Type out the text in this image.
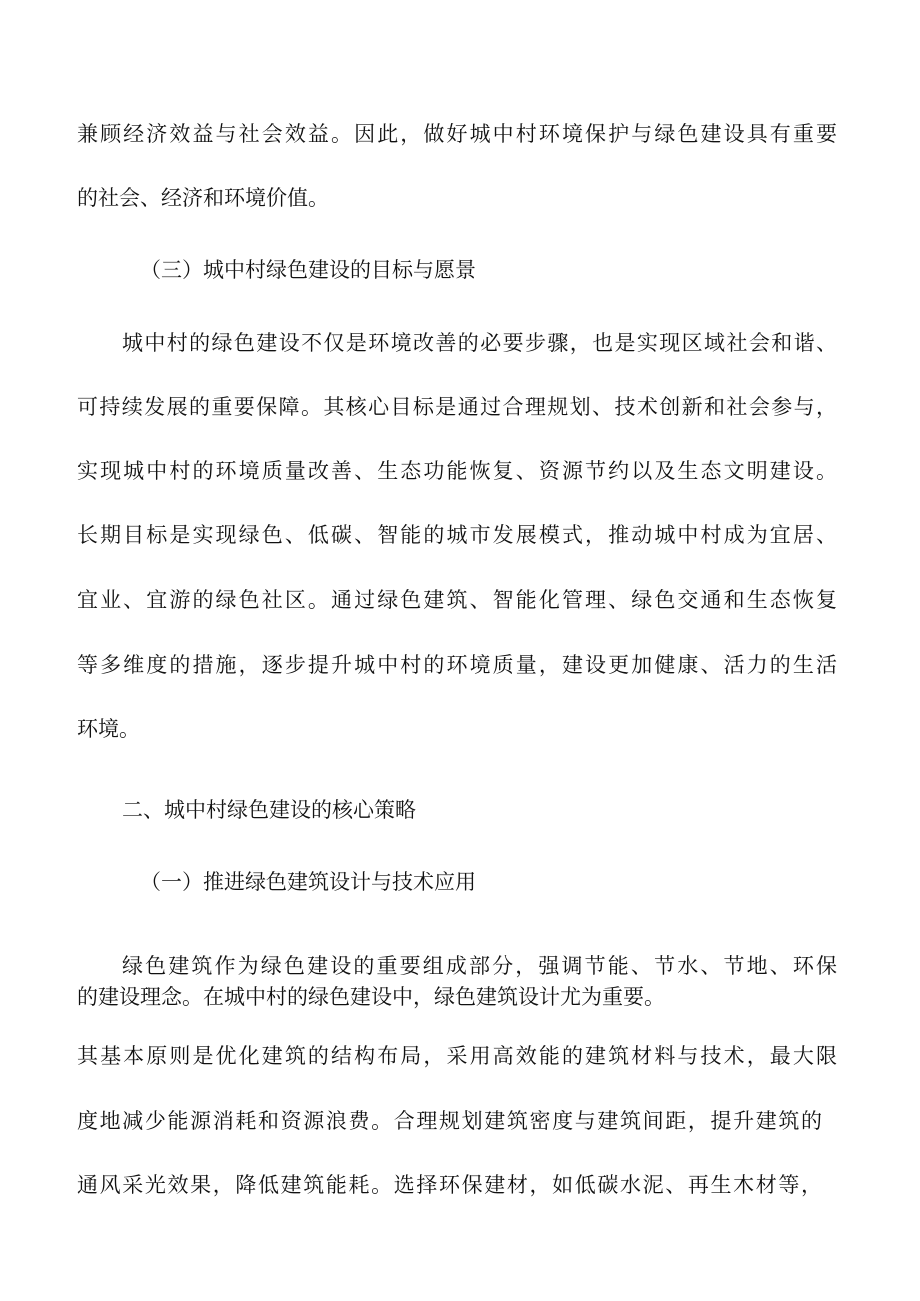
兼顾经济效益与社会效益。因此，做好城中村环境保护与绿色建设具有重要
的社会、经济和环境价值。
（三）城中村绿色建设的目标与愿景
城中村的绿色建设不仅是环境改善的必要步骤，也是实现区域社会和谐、
可持续发展的重要保障。其核心目标是通过合理规划、技术创新和社会参与，
实现城中村的环境质量改善、生态功能恢复、资源节约以及生态文明建设。
长期目标是实现绿色、低碳、智能的城市发展模式，推动城中村成为宜居、
宜业、宜游的绿色社区。通过绿色建筑、智能化管理、绿色交通和生态恢复
等多维度的措施，逐步提升城中村的环境质量，建设更加健康、活力的生活
环境。
二、城中村绿色建设的核心策略
（一）推进绿色建筑设计与技术应用
绿色建筑作为绿色建设的重要组成部分，强调节能、节水、节地、环保
的建设理念。在城中村的绿色建设中，绿色建筑设计尤为重要。
其基本原则是优化建筑的结构布局，采用高效能的建筑材料与技术，最大限
度地减少能源消耗和资源浪费。合理规划建筑密度与建筑间距，提升建筑的
通风采光效果，降低建筑能耗。选择环保建材，如低碳水泥、再生木材等，
